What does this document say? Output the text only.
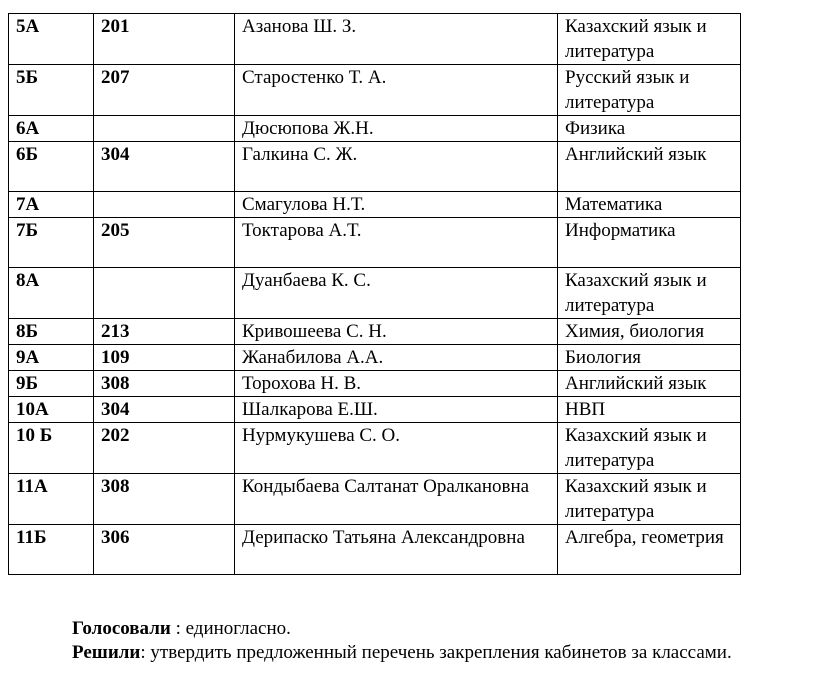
5А	201	Азанова Ш. З.	Казахский язык и литература
5Б	207	Старостенко Т. А.	Русский язык и литература
6А		Дюсюпова Ж.Н.	Физика
6Б	304	Галкина С. Ж.	Английский язык
7А		Смагулова Н.Т.	Математика
7Б	205	Токтарова А.Т.	Информатика
8А		Дуанбаева К. С.	Казахский язык и литература
8Б	213	Кривошеева С. Н.	Химия, биология
9А	109	Жанабилова А.А.	Биология
9Б	308	Торохова Н. В.	Английский язык
10А	304	Шалкарова Е.Ш.	НВП
10 Б	202	Нурмукушева С. О.	Казахский язык и литература
11А	308	Кондыбаева Салтанат Оралкановна	Казахский язык и литература
11Б	306	Дерипаско Татьяна Александровна	Алгебра, геометрия
Голосовали : единогласно.
Решили: утвердить предложенный перечень закрепления кабинетов за классами.
